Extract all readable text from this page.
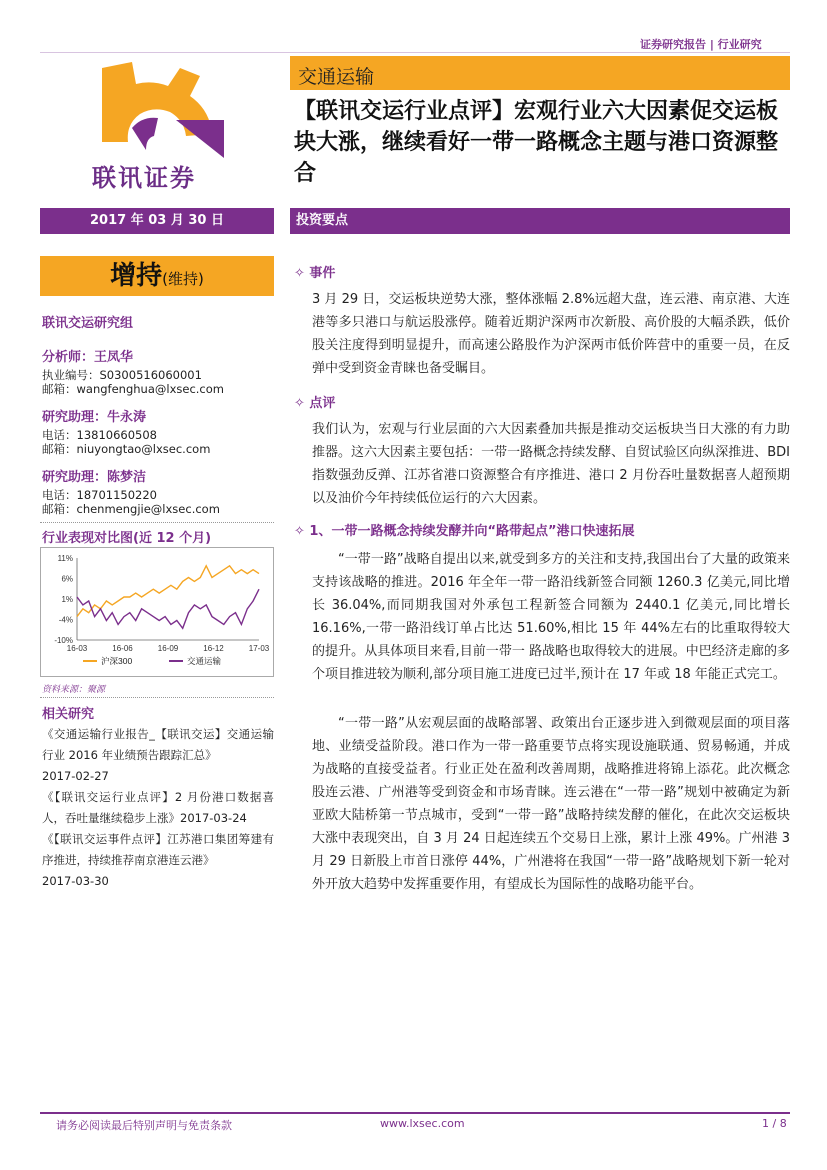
证券研究报告 | 行业研究
联讯证券
交通运输
【联讯交运行业点评】宏观行业六大因素促交运板块大涨，继续看好一带一路概念主题与港口资源整合
2017 年 03 月 30 日	投资要点
增持(维持)
联讯交运研究组
分析师：王凤华
执业编号：S0300516060001
邮箱：wangfenghua@lxsec.com
研究助理：牛永涛
电话：13810660508
邮箱：niuyongtao@lxsec.com
研究助理：陈梦洁
电话：18701150220
邮箱：chenmengjie@lxsec.com
行业表现对比图(近 12 个月)
11%
6%
1%
-4%
-10%
16-03	16-06	16-09	16-12	17-03
沪深300	交通运输
资料来源：聚源
相关研究
《交通运输行业报告_【联讯交运】交通运输行业 2016 年业绩预告跟踪汇总》
2017-02-27
《【联讯交运行业点评】2 月份港口数据喜人，吞吐量继续稳步上涨》2017-03-24
《【联讯交运事件点评】江苏港口集团筹建有序推进，持续推荐南京港连云港》
2017-03-30
✧ 事件
3 月 29 日，交运板块逆势大涨，整体涨幅 2.8%远超大盘，连云港、南京港、大连港等多只港口与航运股涨停。随着近期沪深两市次新股、高价股的大幅杀跌，低价股关注度得到明显提升，而高速公路股作为沪深两市低价阵营中的重要一员，在反弹中受到资金青睐也备受瞩目。
✧ 点评
我们认为，宏观与行业层面的六大因素叠加共振是推动交运板块当日大涨的有力助推器。这六大因素主要包括：一带一路概念持续发酵、自贸试验区向纵深推进、BDI 指数强劲反弹、江苏省港口资源整合有序推进、港口 2 月份吞吐量数据喜人超预期以及油价今年持续低位运行的六大因素。
✧ 1、一带一路概念持续发酵并向“路带起点”港口快速拓展
“一带一路”战略自提出以来,就受到多方的关注和支持,我国出台了大量的政策来支持该战略的推进。2016 年全年一带一路沿线新签合同额 1260.3 亿美元,同比增长 36.04%,而同期我国对外承包工程新签合同额为 2440.1 亿美元,同比增长 16.16%,一带一路沿线订单占比达 51.60%,相比 15 年 44%左右的比重取得较大的提升。从具体项目来看,目前一带一 路战略也取得较大的进展。中巴经济走廊的多个项目推进较为顺利,部分项目施工进度已过半,预计在 17 年或 18 年能正式完工。
“一带一路”从宏观层面的战略部署、政策出台正逐步进入到微观层面的项目落地、业绩受益阶段。港口作为一带一路重要节点将实现设施联通、贸易畅通，并成为战略的直接受益者。行业正处在盈利改善周期，战略推进将锦上添花。此次概念股连云港、广州港等受到资金和市场青睐。连云港在“一带一路”规划中被确定为新亚欧大陆桥第一节点城市，受到“一带一路”战略持续发酵的催化，在此次交运板块大涨中表现突出，自 3 月 24 日起连续五个交易日上涨，累计上涨 49%。广州港 3 月 29 日新股上市首日涨停 44%，广州港将在我国“一带一路”战略规划下新一轮对外开放大趋势中发挥重要作用，有望成长为国际性的战略功能平台。
请务必阅读最后特别声明与免责条款	www.lxsec.com	1 / 8
